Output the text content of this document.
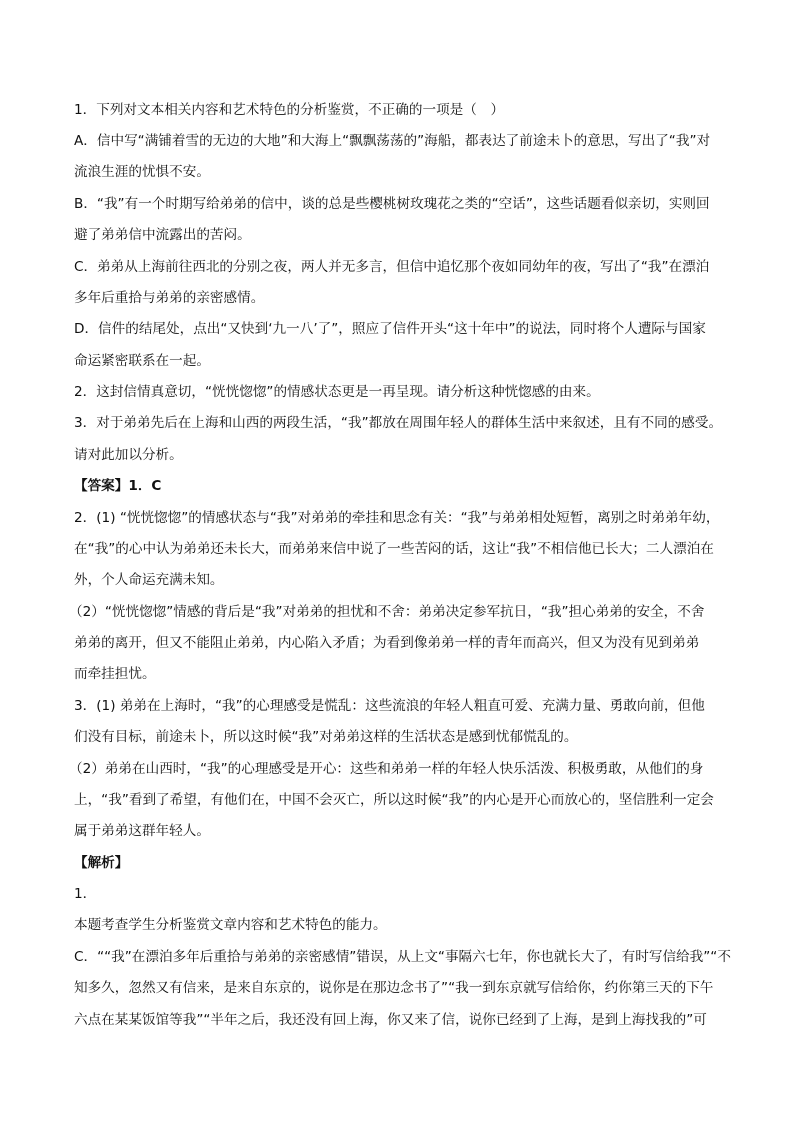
1．下列对文本相关内容和艺术特色的分析鉴赏，不正确的一项是（　）
A．信中写“满铺着雪的无边的大地”和大海上“飘飘荡荡的”海船，都表达了前途未卜的意思，写出了“我”对
流浪生涯的忧惧不安。
B．“我”有一个时期写给弟弟的信中，谈的总是些樱桃树玫瑰花之类的“空话”，这些话题看似亲切，实则回
避了弟弟信中流露出的苦闷。
C．弟弟从上海前往西北的分别之夜，两人并无多言，但信中追忆那个夜如同幼年的夜，写出了“我”在漂泊
多年后重拾与弟弟的亲密感情。
D．信件的结尾处，点出“又快到‘九一八’了”，照应了信件开头“这十年中”的说法，同时将个人遭际与国家
命运紧密联系在一起。
2．这封信情真意切，“恍恍惚惚”的情感状态更是一再呈现。请分析这种恍惚感的由来。
3．对于弟弟先后在上海和山西的两段生活，“我”都放在周围年轻人的群体生活中来叙述，且有不同的感受。
请对此加以分析。
【答案】1．C
2．(1) “恍恍惚惚”的情感状态与“我”对弟弟的牵挂和思念有关：“我”与弟弟相处短暂，离别之时弟弟年幼，
在“我”的心中认为弟弟还未长大，而弟弟来信中说了一些苦闷的话，这让“我”不相信他已长大；二人漂泊在
外，个人命运充满未知。
（2）“恍恍惚惚”情感的背后是“我”对弟弟的担忧和不舍：弟弟决定参军抗日，“我”担心弟弟的安全，不舍
弟弟的离开，但又不能阻止弟弟，内心陷入矛盾；为看到像弟弟一样的青年而高兴，但又为没有见到弟弟
而牵挂担忧。
3．(1) 弟弟在上海时，“我”的心理感受是慌乱：这些流浪的年轻人粗直可爱、充满力量、勇敢向前，但他
们没有目标，前途未卜，所以这时候“我”对弟弟这样的生活状态是感到忧郁慌乱的。
（2）弟弟在山西时，“我”的心理感受是开心：这些和弟弟一样的年轻人快乐活泼、积极勇敢，从他们的身
上，“我”看到了希望，有他们在，中国不会灭亡，所以这时候“我”的内心是开心而放心的，坚信胜利一定会
属于弟弟这群年轻人。
【解析】
1．
本题考查学生分析鉴赏文章内容和艺术特色的能力。
C．““我”在漂泊多年后重拾与弟弟的亲密感情”错误，从上文“事隔六七年，你也就长大了，有时写信给我”“不
知多久，忽然又有信来，是来自东京的，说你是在那边念书了”“我一到东京就写信给你，约你第三天的下午
六点在某某饭馆等我”“半年之后，我还没有回上海，你又来了信，说你已经到了上海，是到上海找我的”可
